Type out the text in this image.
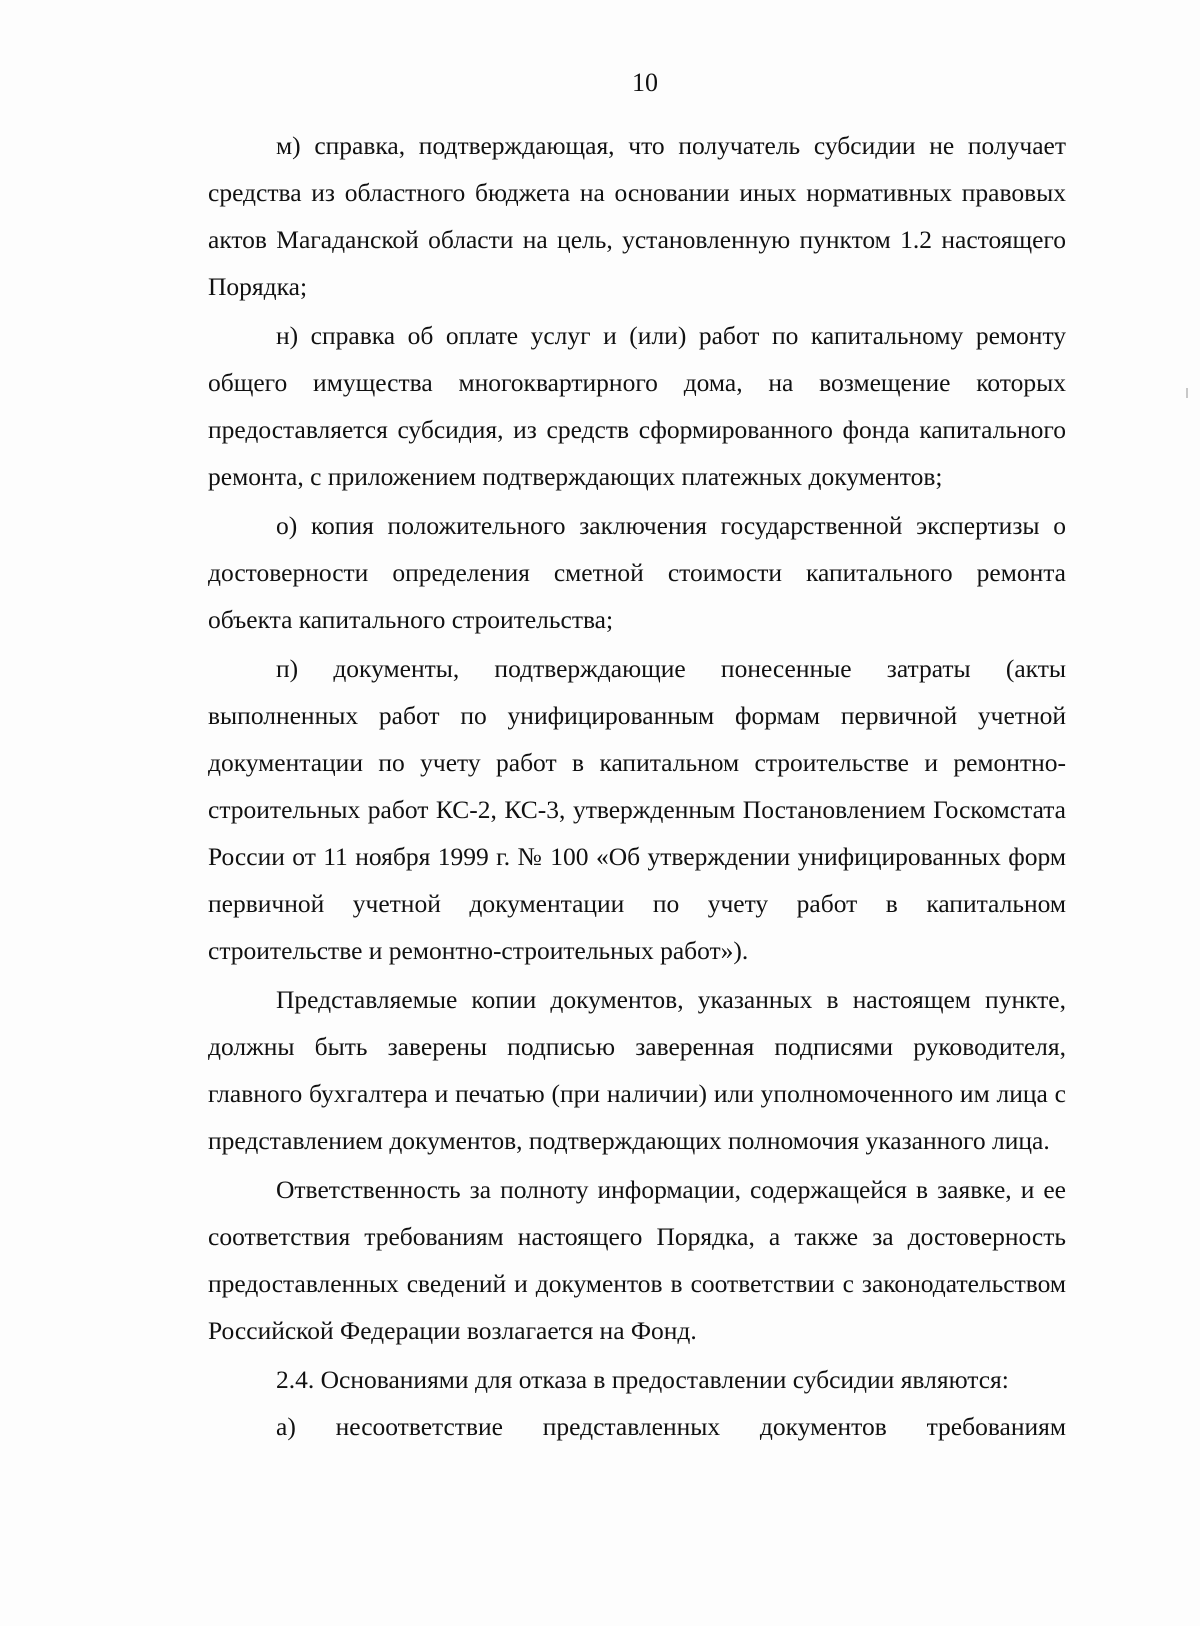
10

м) справка, подтверждающая, что получатель субсидии не получает средства из областного бюджета на основании иных нормативных правовых актов Магаданской области на цель, установленную пунктом 1.2 настоящего Порядка;

н) справка об оплате услуг и (или) работ по капитальному ремонту общего имущества многоквартирного дома, на возмещение которых предоставляется субсидия, из средств сформированного фонда капитального ремонта, с приложением подтверждающих платежных документов;

о) копия положительного заключения государственной экспертизы о достоверности определения сметной стоимости капитального ремонта объекта капитального строительства;

п) документы, подтверждающие понесенные затраты (акты выполненных работ по унифицированным формам первичной учетной документации по учету работ в капитальном строительстве и ремонтно-строительных работ КС-2, КС-3, утвержденным Постановлением Госкомстата России от 11 ноября 1999 г. № 100 «Об утверждении унифицированных форм первичной учетной документации по учету работ в капитальном строительстве и ремонтно-строительных работ»).

Представляемые копии документов, указанных в настоящем пункте, должны быть заверены подписью заверенная подписями руководителя, главного бухгалтера и печатью (при наличии) или уполномоченного им лица с представлением документов, подтверждающих полномочия указанного лица.

Ответственность за полноту информации, содержащейся в заявке, и ее соответствия требованиям настоящего Порядка, а также за достоверность предоставленных сведений и документов в соответствии с законодательством Российской Федерации возлагается на Фонд.

2.4. Основаниями для отказа в предоставлении субсидии являются:

а) несоответствие представленных документов требованиям
